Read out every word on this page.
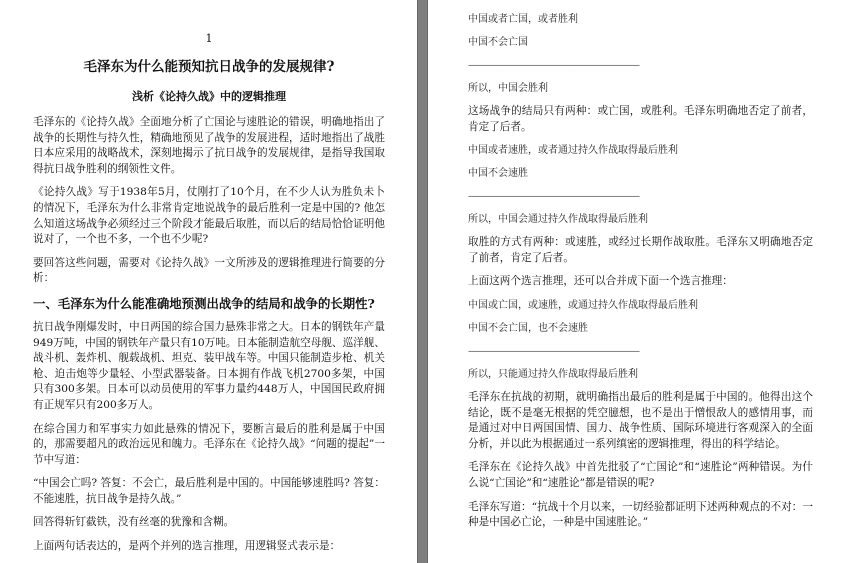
1
毛泽东为什么能预知抗日战争的发展规律?
浅析《论持久战》中的逻辑推理

毛泽东的《论持久战》全面地分析了亡国论与速胜论的错误，明确地指出了战争的长期性与持久性，精确地预见了战争的发展进程，适时地指出了战胜日本应采用的战略战术，深刻地揭示了抗日战争的发展规律，是指导我国取得抗日战争胜利的纲领性文件。

《论持久战》写于1938年5月，仗刚打了10个月，在不少人认为胜负未卜的情况下，毛泽东为什么非常肯定地说战争的最后胜利一定是中国的? 他怎么知道这场战争必须经过三个阶段才能最后取胜，而以后的结局恰恰证明他说对了，一个也不多，一个也不少呢?

要回答这些问题，需要对《论持久战》一文所涉及的逻辑推理进行简要的分析：

一、毛泽东为什么能准确地预测出战争的结局和战争的长期性?

抗日战争刚爆发时，中日两国的综合国力悬殊非常之大。日本的钢铁年产量949万吨，中国的钢铁年产量只有10万吨。日本能制造航空母舰、巡洋舰、战斗机、轰炸机、舰载战机、坦克、装甲战车等。中国只能制造步枪、机关枪、迫击炮等少量轻、小型武器装备。日本拥有作战飞机2700多架，中国只有300多架。日本可以动员使用的军事力量约448万人，中国国民政府拥有正规军只有200多万人。

在综合国力和军事实力如此悬殊的情况下，要断言最后的胜利是属于中国的，那需要超凡的政治远见和魄力。毛泽东在《论持久战》“问题的提起”一节中写道：

“中国会亡吗? 答复：不会亡，最后胜利是中国的。中国能够速胜吗? 答复：不能速胜，抗日战争是持久战。”

回答得斩钉截铁，没有丝毫的犹豫和含糊。

上面两句话表达的，是两个并列的选言推理，用逻辑竖式表示是：

中国或者亡国，或者胜利
中国不会亡国
———————————————————
所以，中国会胜利

这场战争的结局只有两种：或亡国，或胜利。毛泽东明确地否定了前者，肯定了后者。

中国或者速胜，或者通过持久作战取得最后胜利
中国不会速胜
———————————————————
所以，中国会通过持久作战取得最后胜利

取胜的方式有两种：或速胜，或经过长期作战取胜。毛泽东又明确地否定了前者，肯定了后者。

上面这两个选言推理，还可以合并成下面一个选言推理：

中国或亡国，或速胜，或通过持久作战取得最后胜利
中国不会亡国，也不会速胜
———————————————————
所以，只能通过持久作战取得最后胜利

毛泽东在抗战的初期，就明确指出最后的胜利是属于中国的。他得出这个结论，既不是毫无根据的凭空臆想，也不是出于憎恨敌人的感情用事，而是通过对中日两国国情、国力、战争性质、国际环境进行客观深入的全面分析，并以此为根据通过一系列缜密的逻辑推理，得出的科学结论。

毛泽东在《论持久战》中首先批驳了“亡国论”和“速胜论”两种错误。为什么说“亡国论”和“速胜论”都是错误的呢?

毛泽东写道：“抗战十个月以来，一切经验都证明下述两种观点的不对：一种是中国必亡论，一种是中国速胜论。”
